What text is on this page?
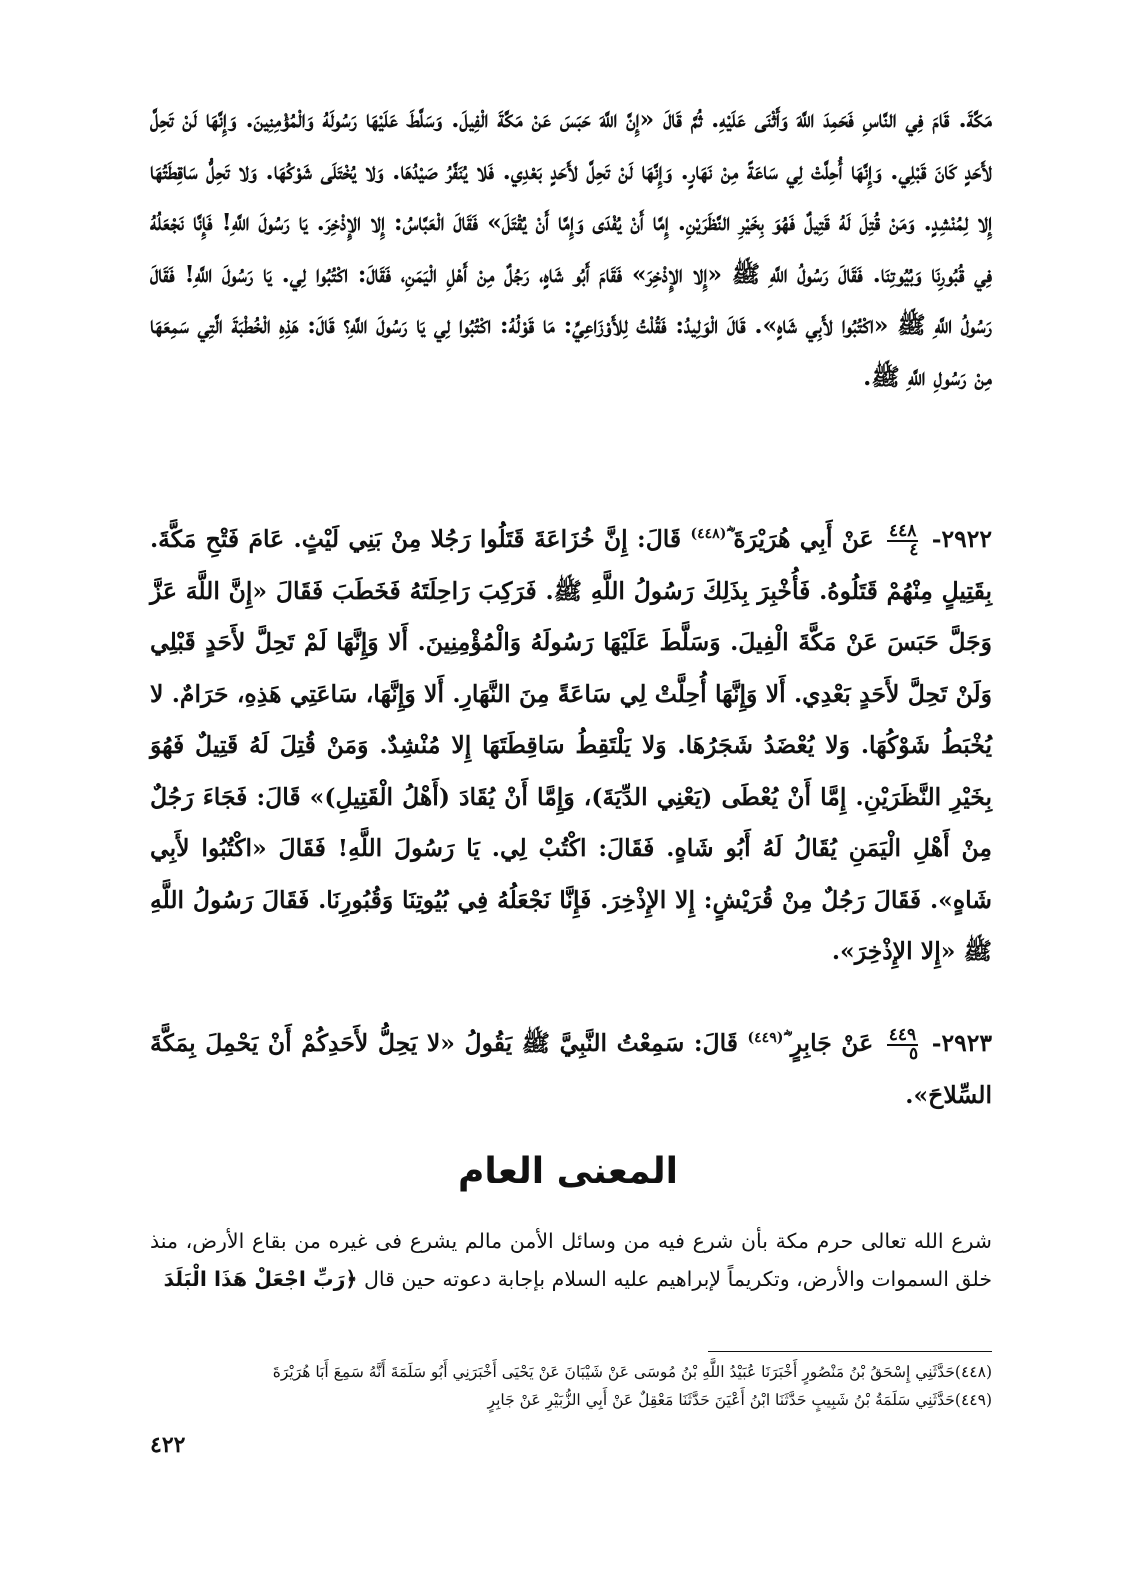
مَكَّةَ. قَامَ فِي النَّاسِ فَحَمِدَ اللَّهَ وَأَثْنَى عَلَيْهِ. ثُمَّ قَالَ «إِنَّ اللَّهَ حَبَسَ عَنْ مَكَّةَ الْفِيلَ. وَسَلَّطَ عَلَيْهَا رَسُولَهُ وَالْمُؤْمِنِينَ. وَإِنَّهَا لَنْ تَحِلَّ لأَحَدٍ كَانَ قَبْلِي. وَإِنَّهَا أُحِلَّتْ لِي سَاعَةً مِنْ نَهَارٍ. وَإِنَّهَا لَنْ تَحِلَّ لأَحَدٍ بَعْدِي. فَلا يُنَفَّرُ صَيْدُهَا. وَلا يُخْتَلَى شَوْكُهَا. وَلا تَحِلُّ سَاقِطَتُهَا إِلا لِمُنْشِدٍ. وَمَنْ قُتِلَ لَهُ قَتِيلٌ فَهُوَ بِخَيْرِ النَّظَرَيْنِ. إِمَّا أَنْ يُفْدَى وَإِمَّا أَنْ يُقْتَلَ» فَقَالَ الْعَبَّاسُ: إِلا الإِذْخِرَ. يَا رَسُولَ اللَّهِ! فَإِنَّا نَجْعَلُهُ فِي قُبُورِنَا وَبُيُوتِنَا. فَقَالَ رَسُولُ اللَّهِ ﷺ «إِلا الإِذْخِرَ» فَقَامَ أَبُو شَاهٍ، رَجُلٌ مِنْ أَهْلِ الْيَمَنِ، فَقَالَ: اكْتُبُوا لِي. يَا رَسُولَ اللَّهِ! فَقَالَ رَسُولُ اللَّهِ ﷺ «اكْتُبُوا لأَبِي شَاهٍ». قَالَ الْوَلِيدُ: فَقُلْتُ لِلأَوْزَاعِيِّ: مَا قَوْلُهُ: اكْتُبُوا لِي يَا رَسُولَ اللَّهِ؟ قَالَ: هَذِهِ الْخُطْبَةَ الَّتِي سَمِعَهَا مِنْ رَسُولِ اللَّهِ ﷺ.
٢٩٢٢-
$\frac{٤٤٨}{٤}$
عَنْ أَبِي هُرَيْرَةَ ؓ$^{(٤٤٨)}$ قَالَ: إِنَّ خُزَاعَةَ قَتَلُوا رَجُلا مِنْ بَنِي لَيْثٍ. عَامَ فَتْحِ مَكَّةَ. بِقَتِيلٍ مِنْهُمْ قَتَلُوهُ. فَأُخْبِرَ بِذَلِكَ رَسُولُ اللَّهِ ﷺ. فَرَكِبَ رَاحِلَتَهُ فَخَطَبَ فَقَالَ «إِنَّ اللَّهَ عَزَّ وَجَلَّ حَبَسَ عَنْ مَكَّةَ الْفِيلَ. وَسَلَّطَ عَلَيْهَا رَسُولَهُ وَالْمُؤْمِنِينَ. أَلا وَإِنَّهَا لَمْ تَحِلَّ لأَحَدٍ قَبْلِي وَلَنْ تَحِلَّ لأَحَدٍ بَعْدِي. أَلا وَإِنَّهَا أُحِلَّتْ لِي سَاعَةً مِنَ النَّهَارِ. أَلا وَإِنَّهَا، سَاعَتِي هَذِهِ، حَرَامٌ. لا يُخْبَطُ شَوْكُهَا. وَلا يُعْضَدُ شَجَرُهَا. وَلا يَلْتَقِطُ سَاقِطَتَهَا إِلا مُنْشِدٌ. وَمَنْ قُتِلَ لَهُ قَتِيلٌ فَهُوَ بِخَيْرِ النَّظَرَيْنِ. إِمَّا أَنْ يُعْطَى (يَعْنِي الدِّيَةَ)، وَإِمَّا أَنْ يُقَادَ (أَهْلُ الْقَتِيلِ)» قَالَ: فَجَاءَ رَجُلٌ مِنْ أَهْلِ الْيَمَنِ يُقَالُ لَهُ أَبُو شَاهٍ. فَقَالَ: اكْتُبْ لِي. يَا رَسُولَ اللَّهِ! فَقَالَ «اكْتُبُوا لأَبِي شَاهٍ». فَقَالَ رَجُلٌ مِنْ قُرَيْشٍ: إِلا الإِذْخِرَ. فَإِنَّا نَجْعَلُهُ فِي بُيُوتِنَا وَقُبُورِنَا. فَقَالَ رَسُولُ اللَّهِ ﷺ «إِلا الإِذْخِرَ».
٢٩٢٣-
$\frac{٤٤٩}{٥}$
عَنْ جَابِرٍ ؓ$^{(٤٤٩)}$ قَالَ: سَمِعْتُ النَّبِيَّ ﷺ يَقُولُ «لا يَحِلُّ لأَحَدِكُمْ أَنْ يَحْمِلَ بِمَكَّةَ السِّلاحَ».
المعنى العام
شرع الله تعالى حرم مكة بأن شرع فيه من وسائل الأمن مالم يشرع فى غيره من بقاع الأرض، منذ خلق السموات والأرض، وتكريماً لإبراهيم عليه السلام بإجابة دعوته حين قال ﴿رَبِّ اجْعَلْ هَذَا الْبَلَدَ
(٤٤٨)حَدَّثَنِي إِسْحَقُ بْنُ مَنْصُورٍ أَخْبَرَنَا عُبَيْدُ اللَّهِ بْنُ مُوسَى عَنْ شَيْبَانَ عَنْ يَحْيَى أَخْبَرَنِي أَبُو سَلَمَةَ أَنَّهُ سَمِعَ أَبَا هُرَيْرَةَ
(٤٤٩)حَدَّثَنِي سَلَمَةُ بْنُ شَبِيبٍ حَدَّثَنَا ابْنُ أَعْيَنَ حَدَّثَنَا مَعْقِلٌ عَنْ أَبِي الزُّبَيْرِ عَنْ جَابِرٍ
٤٢٢
